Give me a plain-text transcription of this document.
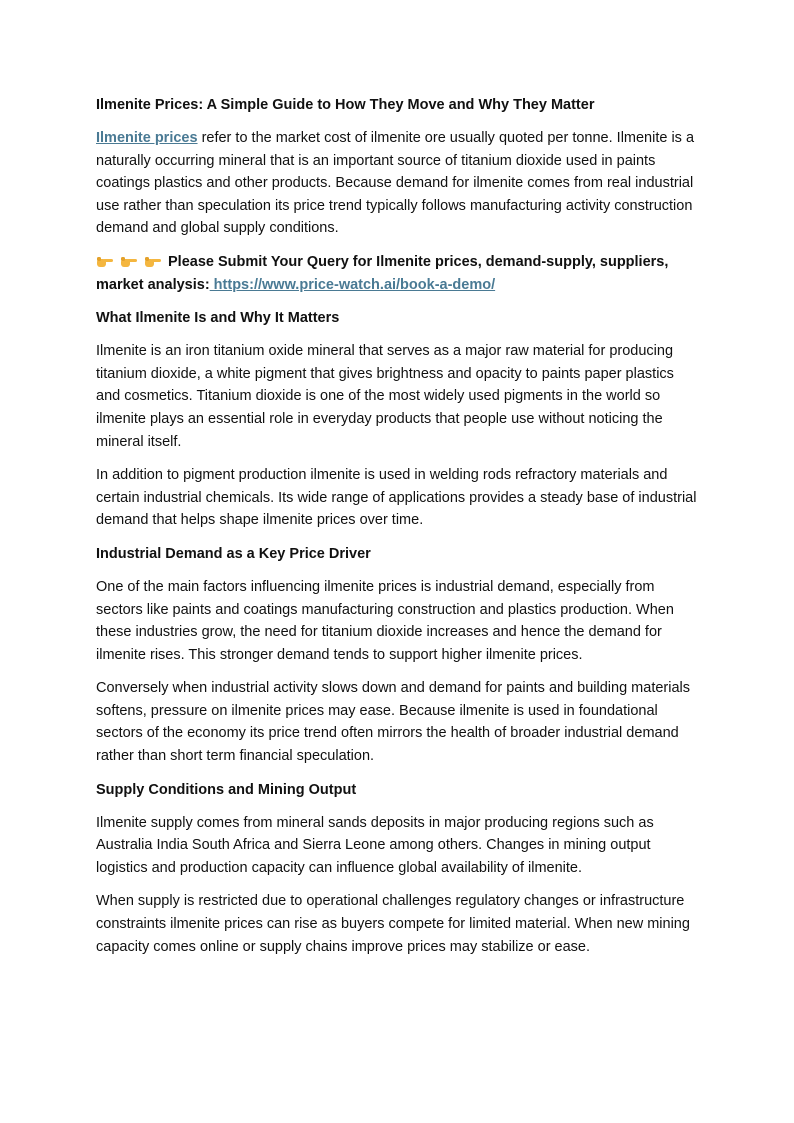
Ilmenite Prices: A Simple Guide to How They Move and Why They Matter

Ilmenite prices refer to the market cost of ilmenite ore usually quoted per tonne. Ilmenite is a naturally occurring mineral that is an important source of titanium dioxide used in paints coatings plastics and other products. Because demand for ilmenite comes from real industrial use rather than speculation its price trend typically follows manufacturing activity construction demand and global supply conditions.

Please Submit Your Query for Ilmenite prices, demand-supply, suppliers, market analysis: https://www.price-watch.ai/book-a-demo/

What Ilmenite Is and Why It Matters

Ilmenite is an iron titanium oxide mineral that serves as a major raw material for producing titanium dioxide, a white pigment that gives brightness and opacity to paints paper plastics and cosmetics. Titanium dioxide is one of the most widely used pigments in the world so ilmenite plays an essential role in everyday products that people use without noticing the mineral itself.

In addition to pigment production ilmenite is used in welding rods refractory materials and certain industrial chemicals. Its wide range of applications provides a steady base of industrial demand that helps shape ilmenite prices over time.

Industrial Demand as a Key Price Driver

One of the main factors influencing ilmenite prices is industrial demand, especially from sectors like paints and coatings manufacturing construction and plastics production. When these industries grow, the need for titanium dioxide increases and hence the demand for ilmenite rises. This stronger demand tends to support higher ilmenite prices.

Conversely when industrial activity slows down and demand for paints and building materials softens, pressure on ilmenite prices may ease. Because ilmenite is used in foundational sectors of the economy its price trend often mirrors the health of broader industrial demand rather than short term financial speculation.

Supply Conditions and Mining Output

Ilmenite supply comes from mineral sands deposits in major producing regions such as Australia India South Africa and Sierra Leone among others. Changes in mining output logistics and production capacity can influence global availability of ilmenite.

When supply is restricted due to operational challenges regulatory changes or infrastructure constraints ilmenite prices can rise as buyers compete for limited material. When new mining capacity comes online or supply chains improve prices may stabilize or ease.
